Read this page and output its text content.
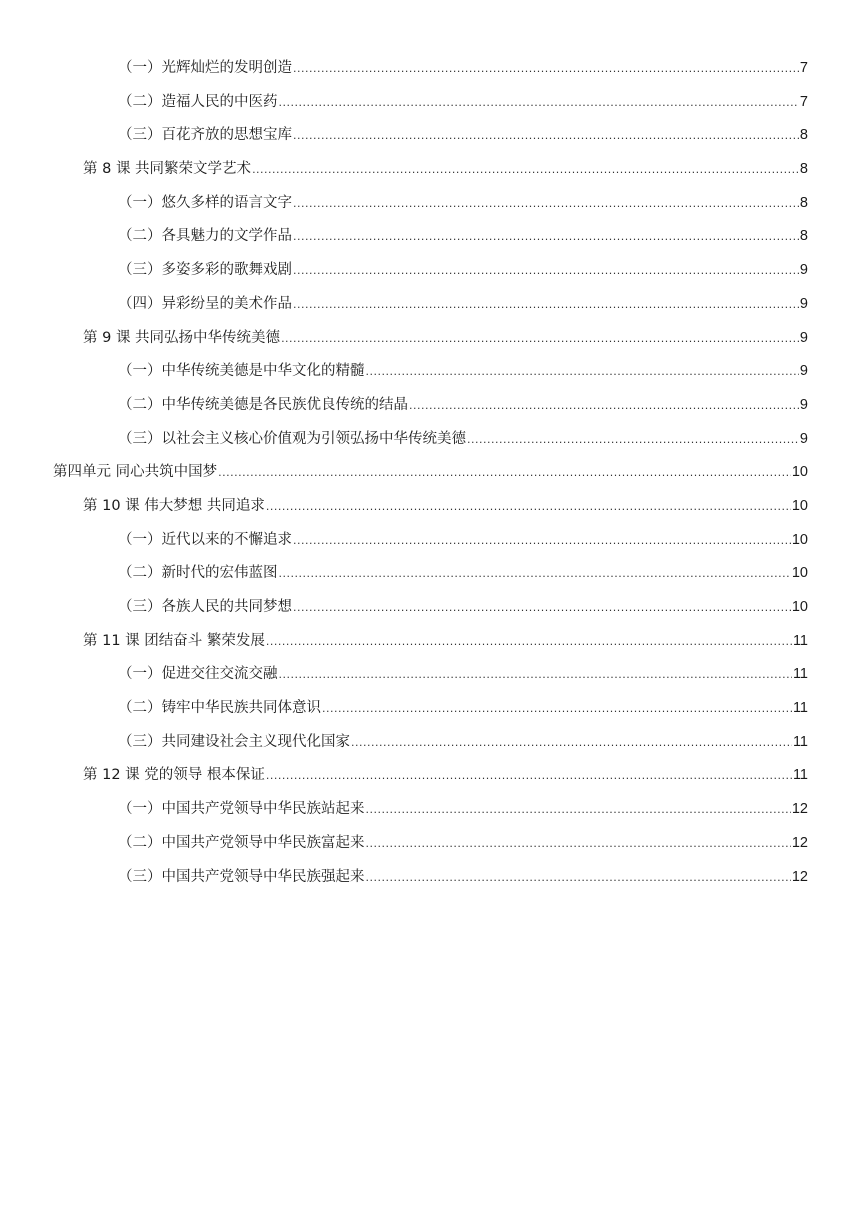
（一）光辉灿烂的发明创造 .....	7
（二）造福人民的中医药 .....	7
（三）百花齐放的思想宝库 .....	8
第 8 课 共同繁荣文学艺术 .....	8
（一）悠久多样的语言文字 .....	8
（二）各具魅力的文学作品 .....	8
（三）多姿多彩的歌舞戏剧 .....	9
（四）异彩纷呈的美术作品 .....	9
第 9 课 共同弘扬中华传统美德 .....	9
（一）中华传统美德是中华文化的精髓 .....	9
（二）中华传统美德是各民族优良传统的结晶 .....	9
（三）以社会主义核心价值观为引领弘扬中华传统美德 .....	9
第四单元 同心共筑中国梦 .....	10
第 10 课 伟大梦想 共同追求 .....	10
（一）近代以来的不懈追求 .....	10
（二）新时代的宏伟蓝图 .....	10
（三）各族人民的共同梦想 .....	10
第 11 课 团结奋斗 繁荣发展 .....	11
（一）促进交往交流交融 .....	11
（二）铸牢中华民族共同体意识 .....	11
（三）共同建设社会主义现代化国家 .....	11
第 12 课 党的领导 根本保证 .....	11
（一）中国共产党领导中华民族站起来 .....	12
（二）中国共产党领导中华民族富起来 .....	12
（三）中国共产党领导中华民族强起来 .....	12
